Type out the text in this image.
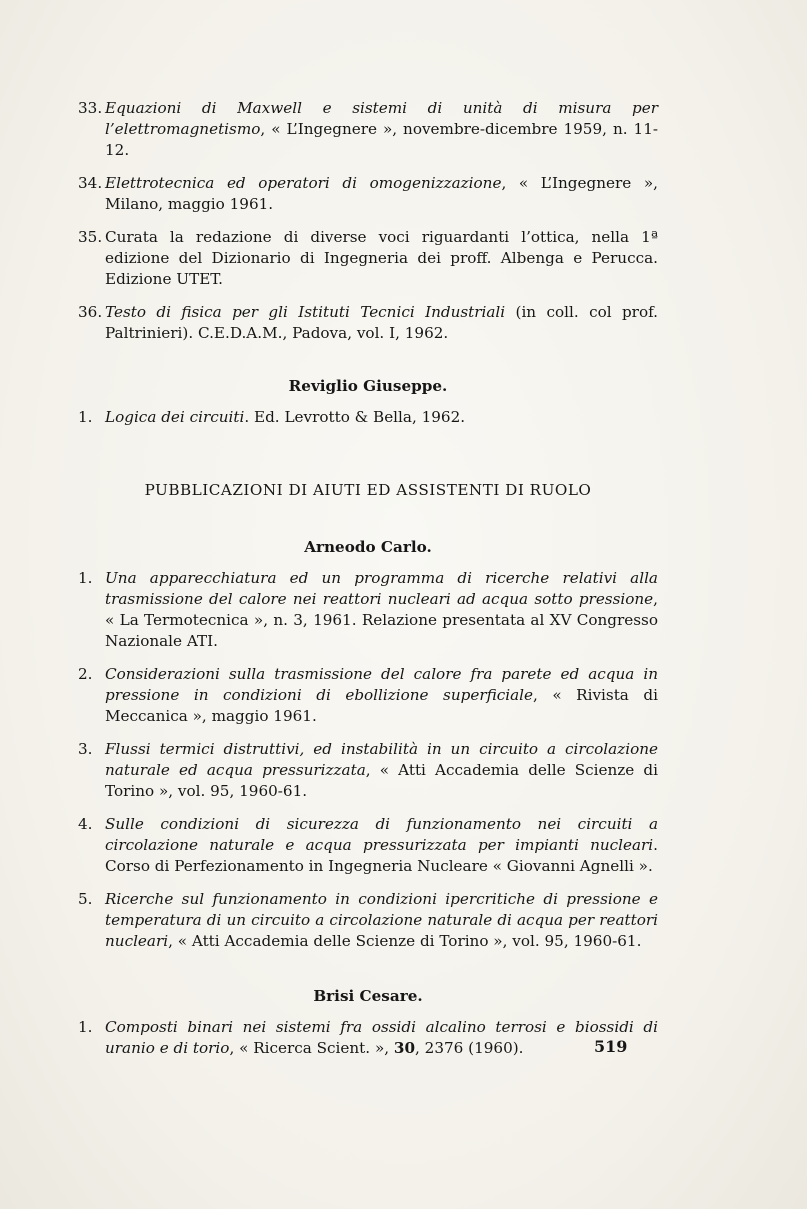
33. Equazioni di Maxwell e sistemi di unità di misura per l’elettromagnetismo, « L’Ingegnere », novembre-dicembre 1959, n. 11-12.
34. Elettrotecnica ed operatori di omogenizzazione, « L’Ingegnere », Milano, maggio 1961.
35. Curata la redazione di diverse voci riguardanti l’ottica, nella 1ª edizione del Dizionario di Ingegneria dei proff. Albenga e Perucca. Edizione UTET.
36. Testo di fisica per gli Istituti Tecnici Industriali (in coll. col prof. Paltrinieri). C.E.D.A.M., Padova, vol. I, 1962.
Reviglio Giuseppe.
1. Logica dei circuiti. Ed. Levrotto & Bella, 1962.
PUBBLICAZIONI DI AIUTI ED ASSISTENTI DI RUOLO
Arneodo Carlo.
1. Una apparecchiatura ed un programma di ricerche relativi alla trasmissione del calore nei reattori nucleari ad acqua sotto pressione, « La Termotecnica », n. 3, 1961. Relazione presentata al XV Congresso Nazionale ATI.
2. Considerazioni sulla trasmissione del calore fra parete ed acqua in pressione in condizioni di ebollizione superficiale, « Rivista di Meccanica », maggio 1961.
3. Flussi termici distruttivi, ed instabilità in un circuito a circolazione naturale ed acqua pressurizzata, « Atti Accademia delle Scienze di Torino », vol. 95, 1960-61.
4. Sulle condizioni di sicurezza di funzionamento nei circuiti a circolazione naturale e acqua pressurizzata per impianti nucleari. Corso di Perfezionamento in Ingegneria Nucleare « Giovanni Agnelli ».
5. Ricerche sul funzionamento in condizioni ipercritiche di pressione e temperatura di un circuito a circolazione naturale di acqua per reattori nucleari, « Atti Accademia delle Scienze di Torino », vol. 95, 1960-61.
Brisi Cesare.
1. Composti binari nei sistemi fra ossidi alcalino terrosi e biossidi di uranio e di torio, « Ricerca Scient. », 30, 2376 (1960).	519
